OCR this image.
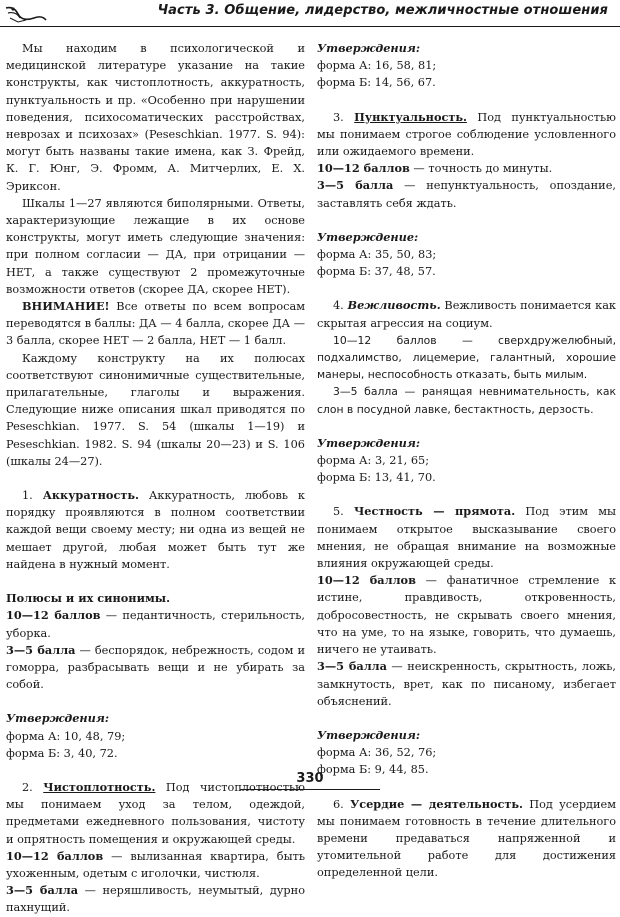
Часть 3. Общение, лидерство, межличностные отношения

Мы находим в психологической и медицинской литературе указание на такие конструкты, как чистоплотность, аккуратность, пунктуальность и пр. «Особенно при нарушении поведения, психосоматических расстройствах, неврозах и психозах» (Peseschkian. 1977. S. 94): могут быть названы такие имена, как З. Фрейд, К. Г. Юнг, Э. Фромм, А. Митчерлих, Е. Х. Эриксон.

Шкалы 1—27 являются биполярными. Ответы, характеризующие лежащие в их основе конструкты, могут иметь следующие значения: при полном согласии — ДА, при отрицании — НЕТ, а также существуют 2 промежуточные возможности ответов (скорее ДА, скорее НЕТ).

ВНИМАНИЕ! Все ответы по всем вопросам переводятся в баллы: ДА — 4 балла, скорее ДА — 3 балла, скорее НЕТ — 2 балла, НЕТ — 1 балл.

Каждому конструкту на их полюсах соответствуют синонимичные существительные, прилагательные, глаголы и выражения. Следующие ниже описания шкал приводятся по Peseschkian. 1977. S. 54 (шкалы 1—19) и Peseschkian. 1982. S. 94 (шкалы 20—23) и S. 106 (шкалы 24—27).

1. Аккуратность. Аккуратность, любовь к порядку проявляются в полном соответствии каждой вещи своему месту; ни одна из вещей не мешает другой, любая может быть тут же найдена в нужный момент.

Полюсы и их синонимы.

10—12 баллов — педантичность, стерильность, уборка.

3—5 балла — беспорядок, небрежность, содом и гоморра, разбрасывать вещи и не убирать за собой.

Утверждения:
форма А: 10, 48, 79;
форма Б: 3, 40, 72.

2. Чистоплотность. Под чистоплотностью мы понимаем уход за телом, одеждой, предметами ежедневного пользования, чистоту и опрятность помещения и окружающей среды.

10—12 баллов — вылизанная квартира, быть ухоженным, одетым с иголочки, чистюля.

3—5 балла — неряшливость, неумытый, дурно пахнущий.

Утверждения:
форма А: 16, 58, 81;
форма Б: 14, 56, 67.

3. Пунктуальность. Под пунктуальностью мы понимаем строгое соблюдение условленного или ожидаемого времени.

10—12 баллов — точность до минуты.

3—5 балла — непунктуальность, опоздание, заставлять себя ждать.

Утверждение:
форма А: 35, 50, 83;
форма Б: 37, 48, 57.

4. Вежливость. Вежливость понимается как скрытая агрессия на социум.

10—12 баллов — сверхдружелюбный, подхалимство, лицемерие, галантный, хорошие манеры, неспособность отказать, быть милым.

3—5 балла — ранящая невнимательность, как слон в посудной лавке, бестактность, дерзость.

Утверждения:
форма А: 3, 21, 65;
форма Б: 13, 41, 70.

5. Честность — прямота. Под этим мы понимаем открытое высказывание своего мнения, не обращая внимание на возможные влияния окружающей среды.

10—12 баллов — фанатичное стремление к истине, правдивость, откровенность, добросовестность, не скрывать своего мнения, что на уме, то на языке, говорить, что думаешь, ничего не утаивать.

3—5 балла — неискренность, скрытность, ложь, замкнутость, врет, как по писаному, избегает объяснений.

Утверждения:
форма А: 36, 52, 76;
форма Б: 9, 44, 85.

6. Усердие — деятельность. Под усердием мы понимаем готовность в течение длительного времени предаваться напряженной и утомительной работе для достижения определенной цели.

330
